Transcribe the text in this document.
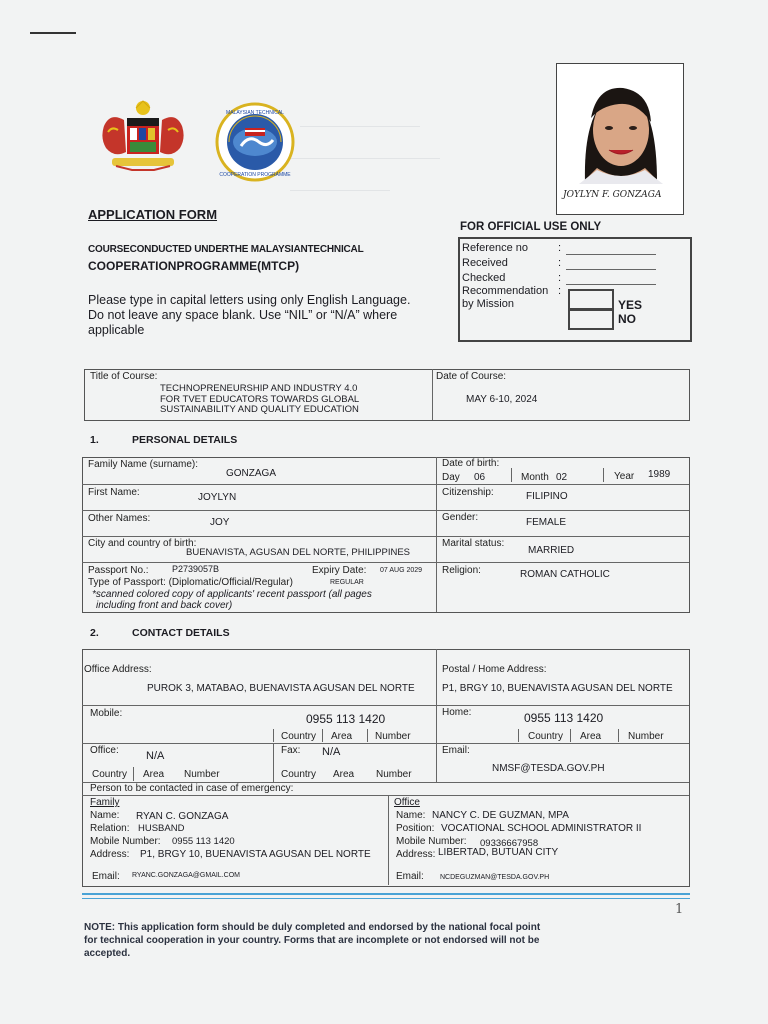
MALAYSIAN TECHNICAL
COOPERATION PROGRAMME
JOYLYN F. GONZAGA
APPLICATION FORM
COURSECONDUCTED UNDERTHE MALAYSIANTECHNICAL
COOPERATIONPROGRAMME(MTCP)
Please type in capital letters using only English Language.
Do not leave any space blank. Use “NIL” or “N/A” where
applicable
FOR OFFICIAL USE ONLY
Reference no
Received
Checked
Recommendation
by Mission
:
:
:
:
YES
NO
Title of Course:
TECHNOPRENEURSHIP AND INDUSTRY 4.0
FOR TVET EDUCATORS TOWARDS GLOBAL
SUSTAINABILITY AND QUALITY EDUCATION
Date of Course:
MAY 6-10, 2024
1.	PERSONAL DETAILS
Family Name (surname):
GONZAGA
Date of birth:
Day 06	Month 02	Year 1989
First Name:	JOYLYN	Citizenship:	FILIPINO
Other Names:	JOY	Gender:	FEMALE
City and country of birth:
BUENAVISTA, AGUSAN DEL NORTE, PHILIPPINES
Marital status:
MARRIED
Passport No.:	P2739057B	Expiry Date: 07 AUG 2029
Type of Passport: (Diplomatic/Official/Regular)	REGULAR
*scanned colored copy of applicants' recent passport (all pages
including front and back cover)
Religion:	ROMAN CATHOLIC
2.	CONTACT DETAILS
Office Address:
PUROK 3, MATABAO, BUENAVISTA AGUSAN DEL NORTE
Postal / Home Address:
P1, BRGY 10, BUENAVISTA AGUSAN DEL NORTE
Mobile:	0955 113 1420
Country Area Number
Home:	0955 113 1420
Country Area	Number
Office: N/A
Country Area Number
Fax: N/A
Country Area Number
Email:
NMSF@TESDA.GOV.PH
Person to be contacted in case of emergency:
Family
Name: RYAN C. GONZAGA
Relation: HUSBAND
Mobile Number: 0955 113 1420
Address: P1, BRGY 10, BUENAVISTA AGUSAN DEL NORTE
Email: RYANC.GONZAGA@GMAIL.COM
Office
Name: NANCY C. DE GUZMAN, MPA
Position: VOCATIONAL SCHOOL ADMINISTRATOR II
Mobile Number: 09336667958
Address: LIBERTAD, BUTUAN CITY
Email: NCDEGUZMAN@TESDA.GOV.PH
1
NOTE: This application form should be duly completed and endorsed by the national focal point
for technical cooperation in your country. Forms that are incomplete or not endorsed will not be
accepted.
